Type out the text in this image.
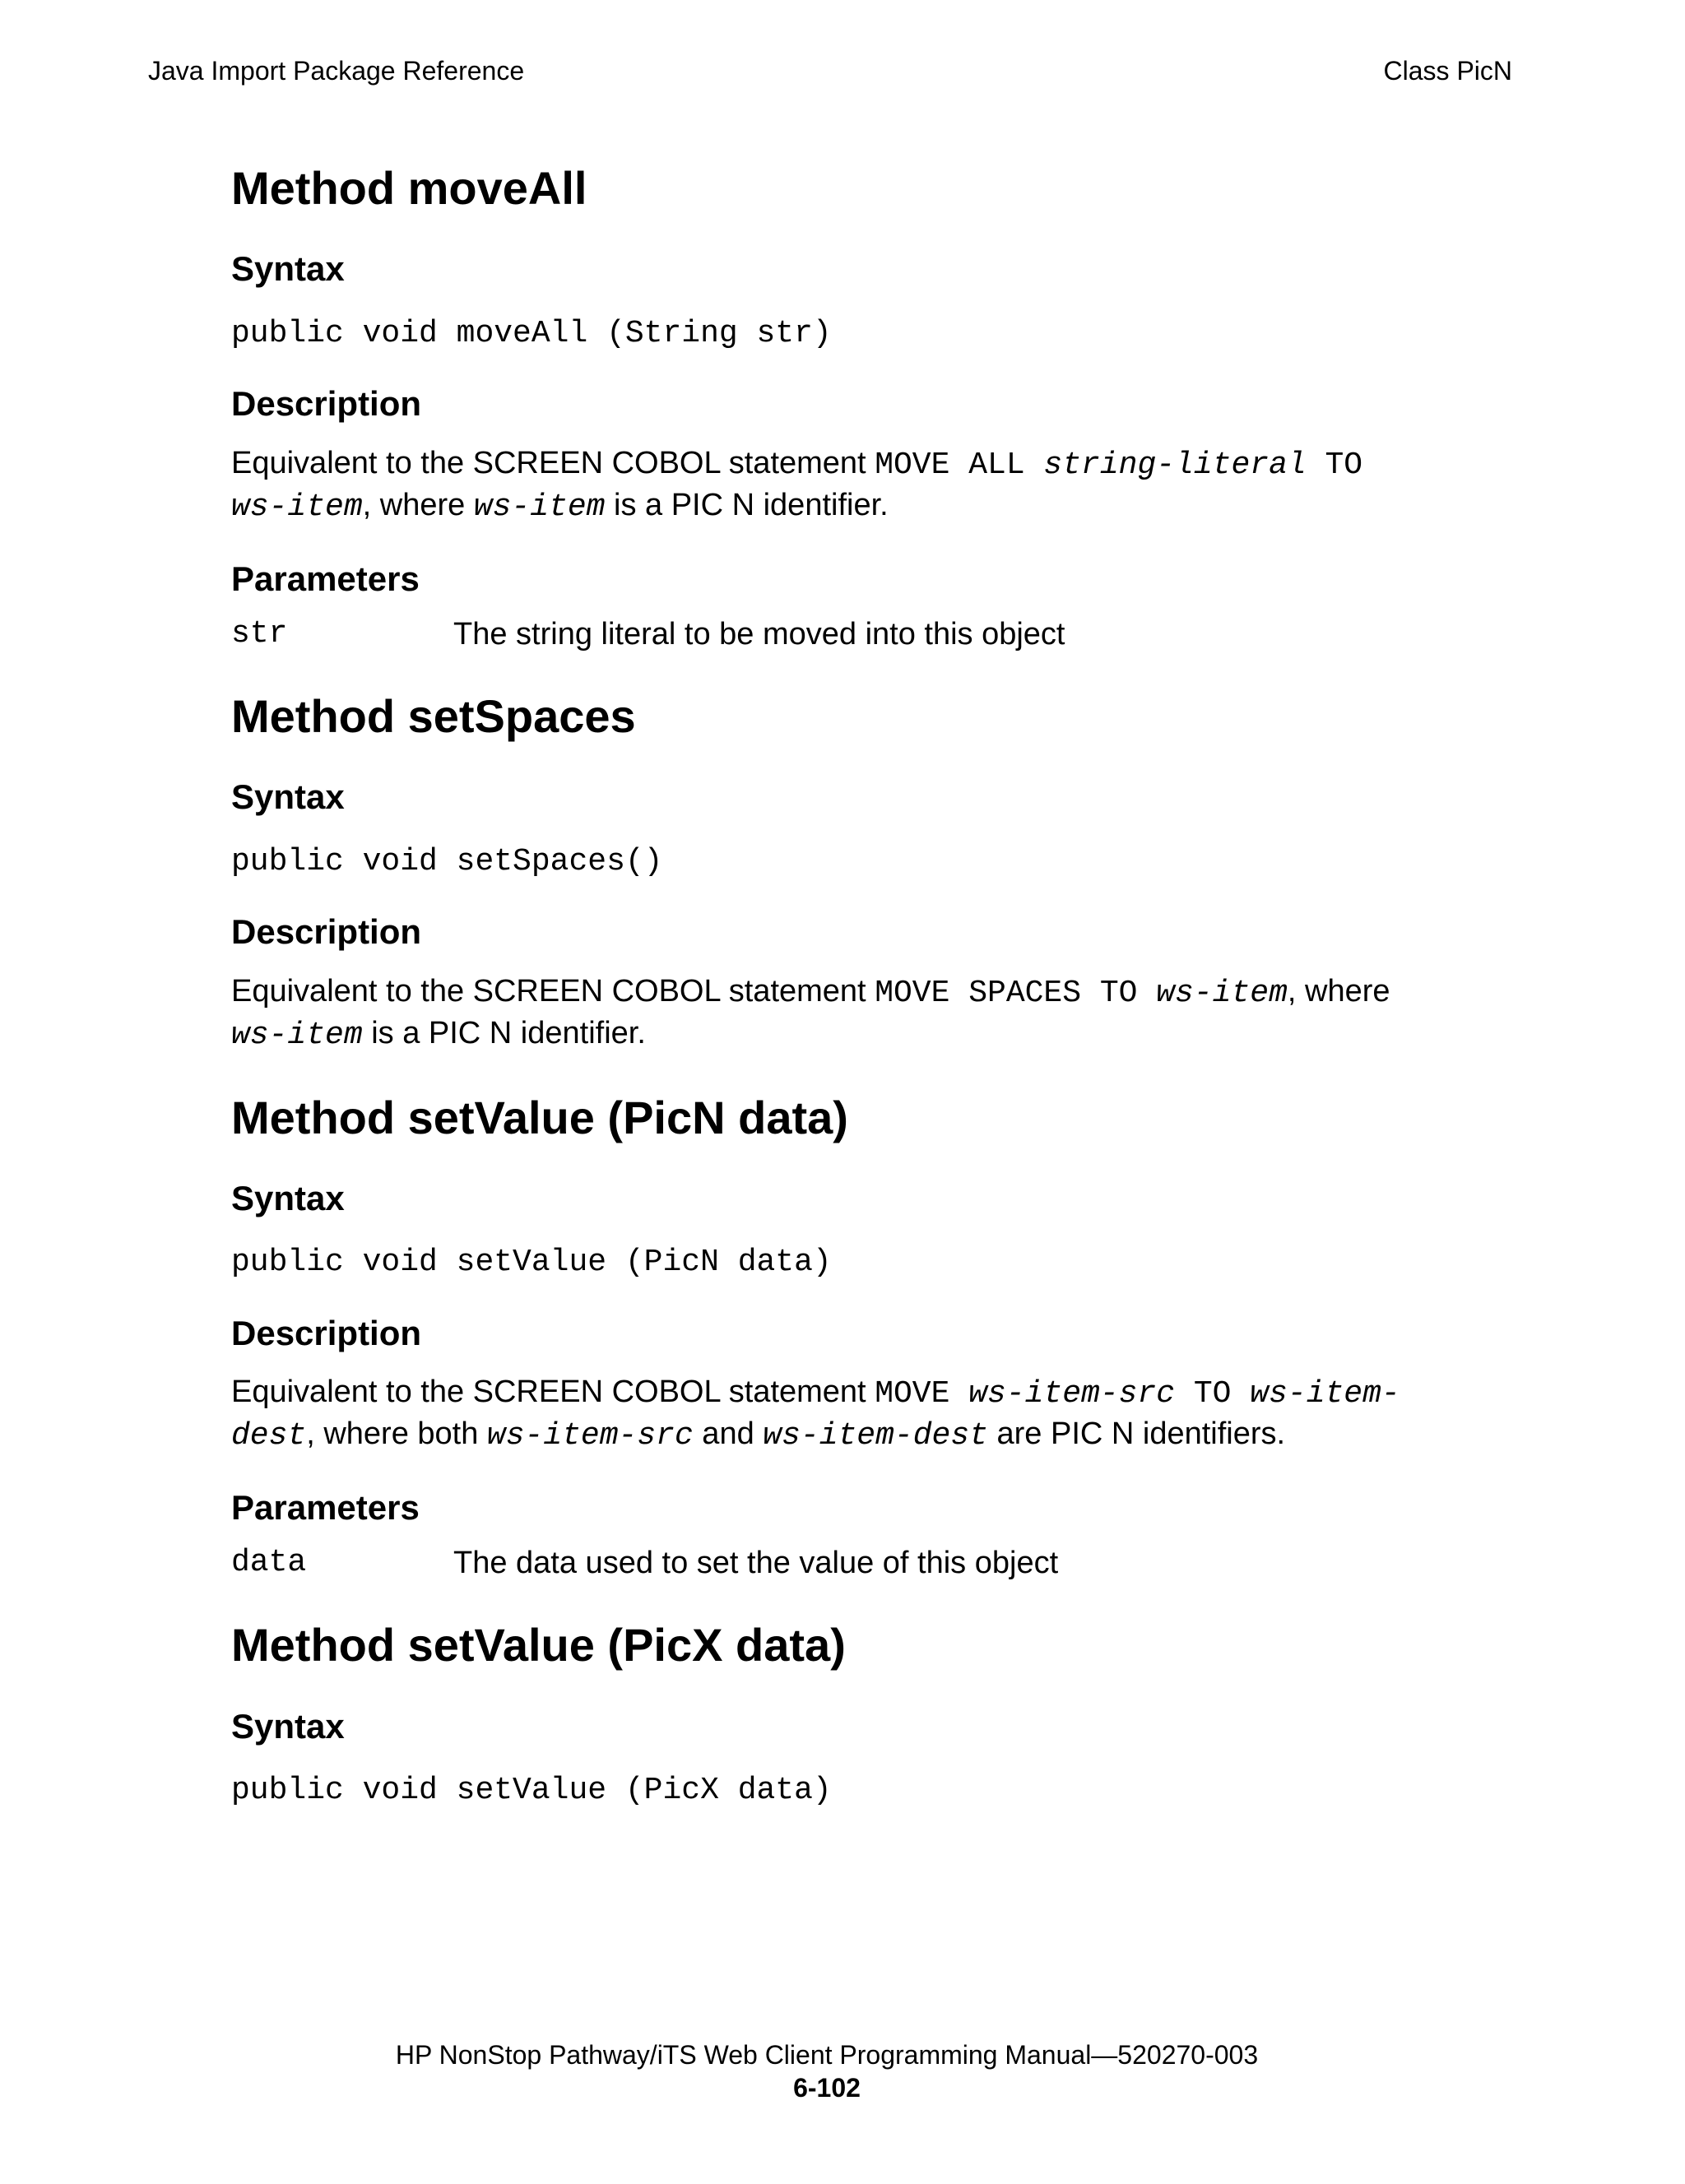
Java Import Package Reference	Class PicN
Method moveAll
Syntax

public void moveAll (String str)

Description

Equivalent to the SCREEN COBOL statement MOVE ALL string-literal TO
ws-item, where ws-item is a PIC N identifier.

Parameters
str	The string literal to be moved into this object
Method setSpaces
Syntax

public void setSpaces()

Description

Equivalent to the SCREEN COBOL statement MOVE SPACES TO ws-item, where
ws-item is a PIC N identifier.

Method setValue (PicN data)
Syntax

public void setValue (PicN data)

Description

Equivalent to the SCREEN COBOL statement MOVE ws-item-src TO ws-item-
dest, where both ws-item-src and ws-item-dest are PIC N identifiers.

Parameters
data	The data used to set the value of this object
Method setValue (PicX data)
Syntax

public void setValue (PicX data)

HP NonStop Pathway/iTS Web Client Programming Manual—520270-003
6-102
